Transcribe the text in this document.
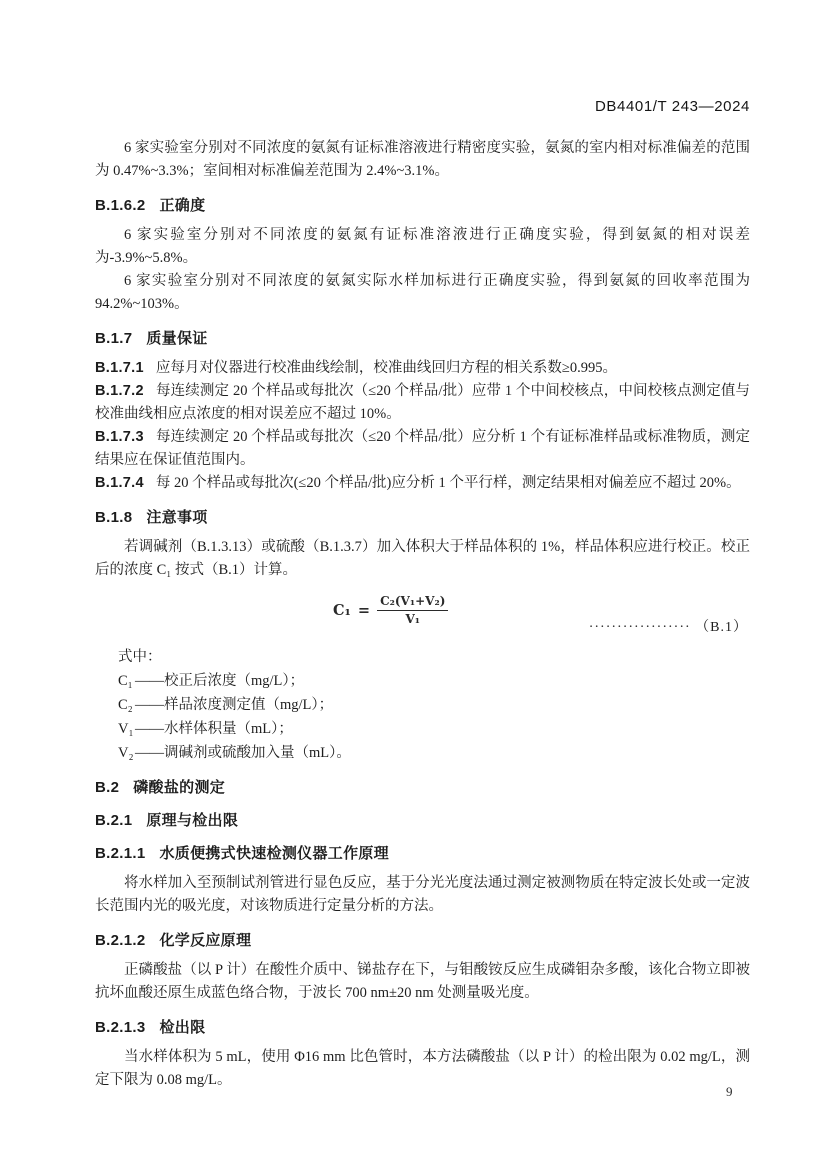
DB4401/T 243—2024

6 家实验室分别对不同浓度的氨氮有证标准溶液进行精密度实验，氨氮的室内相对标准偏差的范围为 0.47%~3.3%；室间相对标准偏差范围为 2.4%~3.1%。

B.1.6.2 正确度

6 家实验室分别对不同浓度的氨氮有证标准溶液进行正确度实验，得到氨氮的相对误差为-3.9%~5.8%。

6 家实验室分别对不同浓度的氨氮实际水样加标进行正确度实验，得到氨氮的回收率范围为 94.2%~103%。

B.1.7 质量保证

B.1.7.1 应每月对仪器进行校准曲线绘制，校准曲线回归方程的相关系数≥0.995。

B.1.7.2 每连续测定 20 个样品或每批次（≤20 个样品/批）应带 1 个中间校核点，中间校核点测定值与校准曲线相应点浓度的相对误差应不超过 10%。

B.1.7.3 每连续测定 20 个样品或每批次（≤20 个样品/批）应分析 1 个有证标准样品或标准物质，测定结果应在保证值范围内。

B.1.7.4 每 20 个样品或每批次(≤20 个样品/批)应分析 1 个平行样，测定结果相对偏差应不超过 20%。

B.1.8 注意事项

若调碱剂（B.1.3.13）或硫酸（B.1.3.7）加入体积大于样品体积的 1%，样品体积应进行校正。校正后的浓度 C₁ 按式（B.1）计算。

$C_1 = \frac{\text{C₂(V₁+V₂)}}{\text{V₁}}$
·················· （B.1）

式中：

C₁ ——校正后浓度（mg/L）；
C₂ ——样品浓度测定值（mg/L）；
V₁——水样体积量（mL）；
V₂——调碱剂或硫酸加入量（mL）。
B.2 磷酸盐的测定
B.2.1 原理与检出限
B.2.1.1 水质便携式快速检测仪器工作原理

将水样加入至预制试剂管进行显色反应，基于分光光度法通过测定被测物质在特定波长处或一定波长范围内光的吸光度，对该物质进行定量分析的方法。

B.2.1.2 化学反应原理

正磷酸盐（以 P 计）在酸性介质中、锑盐存在下，与钼酸铵反应生成磷钼杂多酸，该化合物立即被抗坏血酸还原生成蓝色络合物，于波长 700 nm±20 nm 处测量吸光度。

B.2.1.3 检出限

当水样体积为 5 mL，使用 Φ16 mm 比色管时，本方法磷酸盐（以 P 计）的检出限为 0.02 mg/L，测定下限为 0.08 mg/L。

9
